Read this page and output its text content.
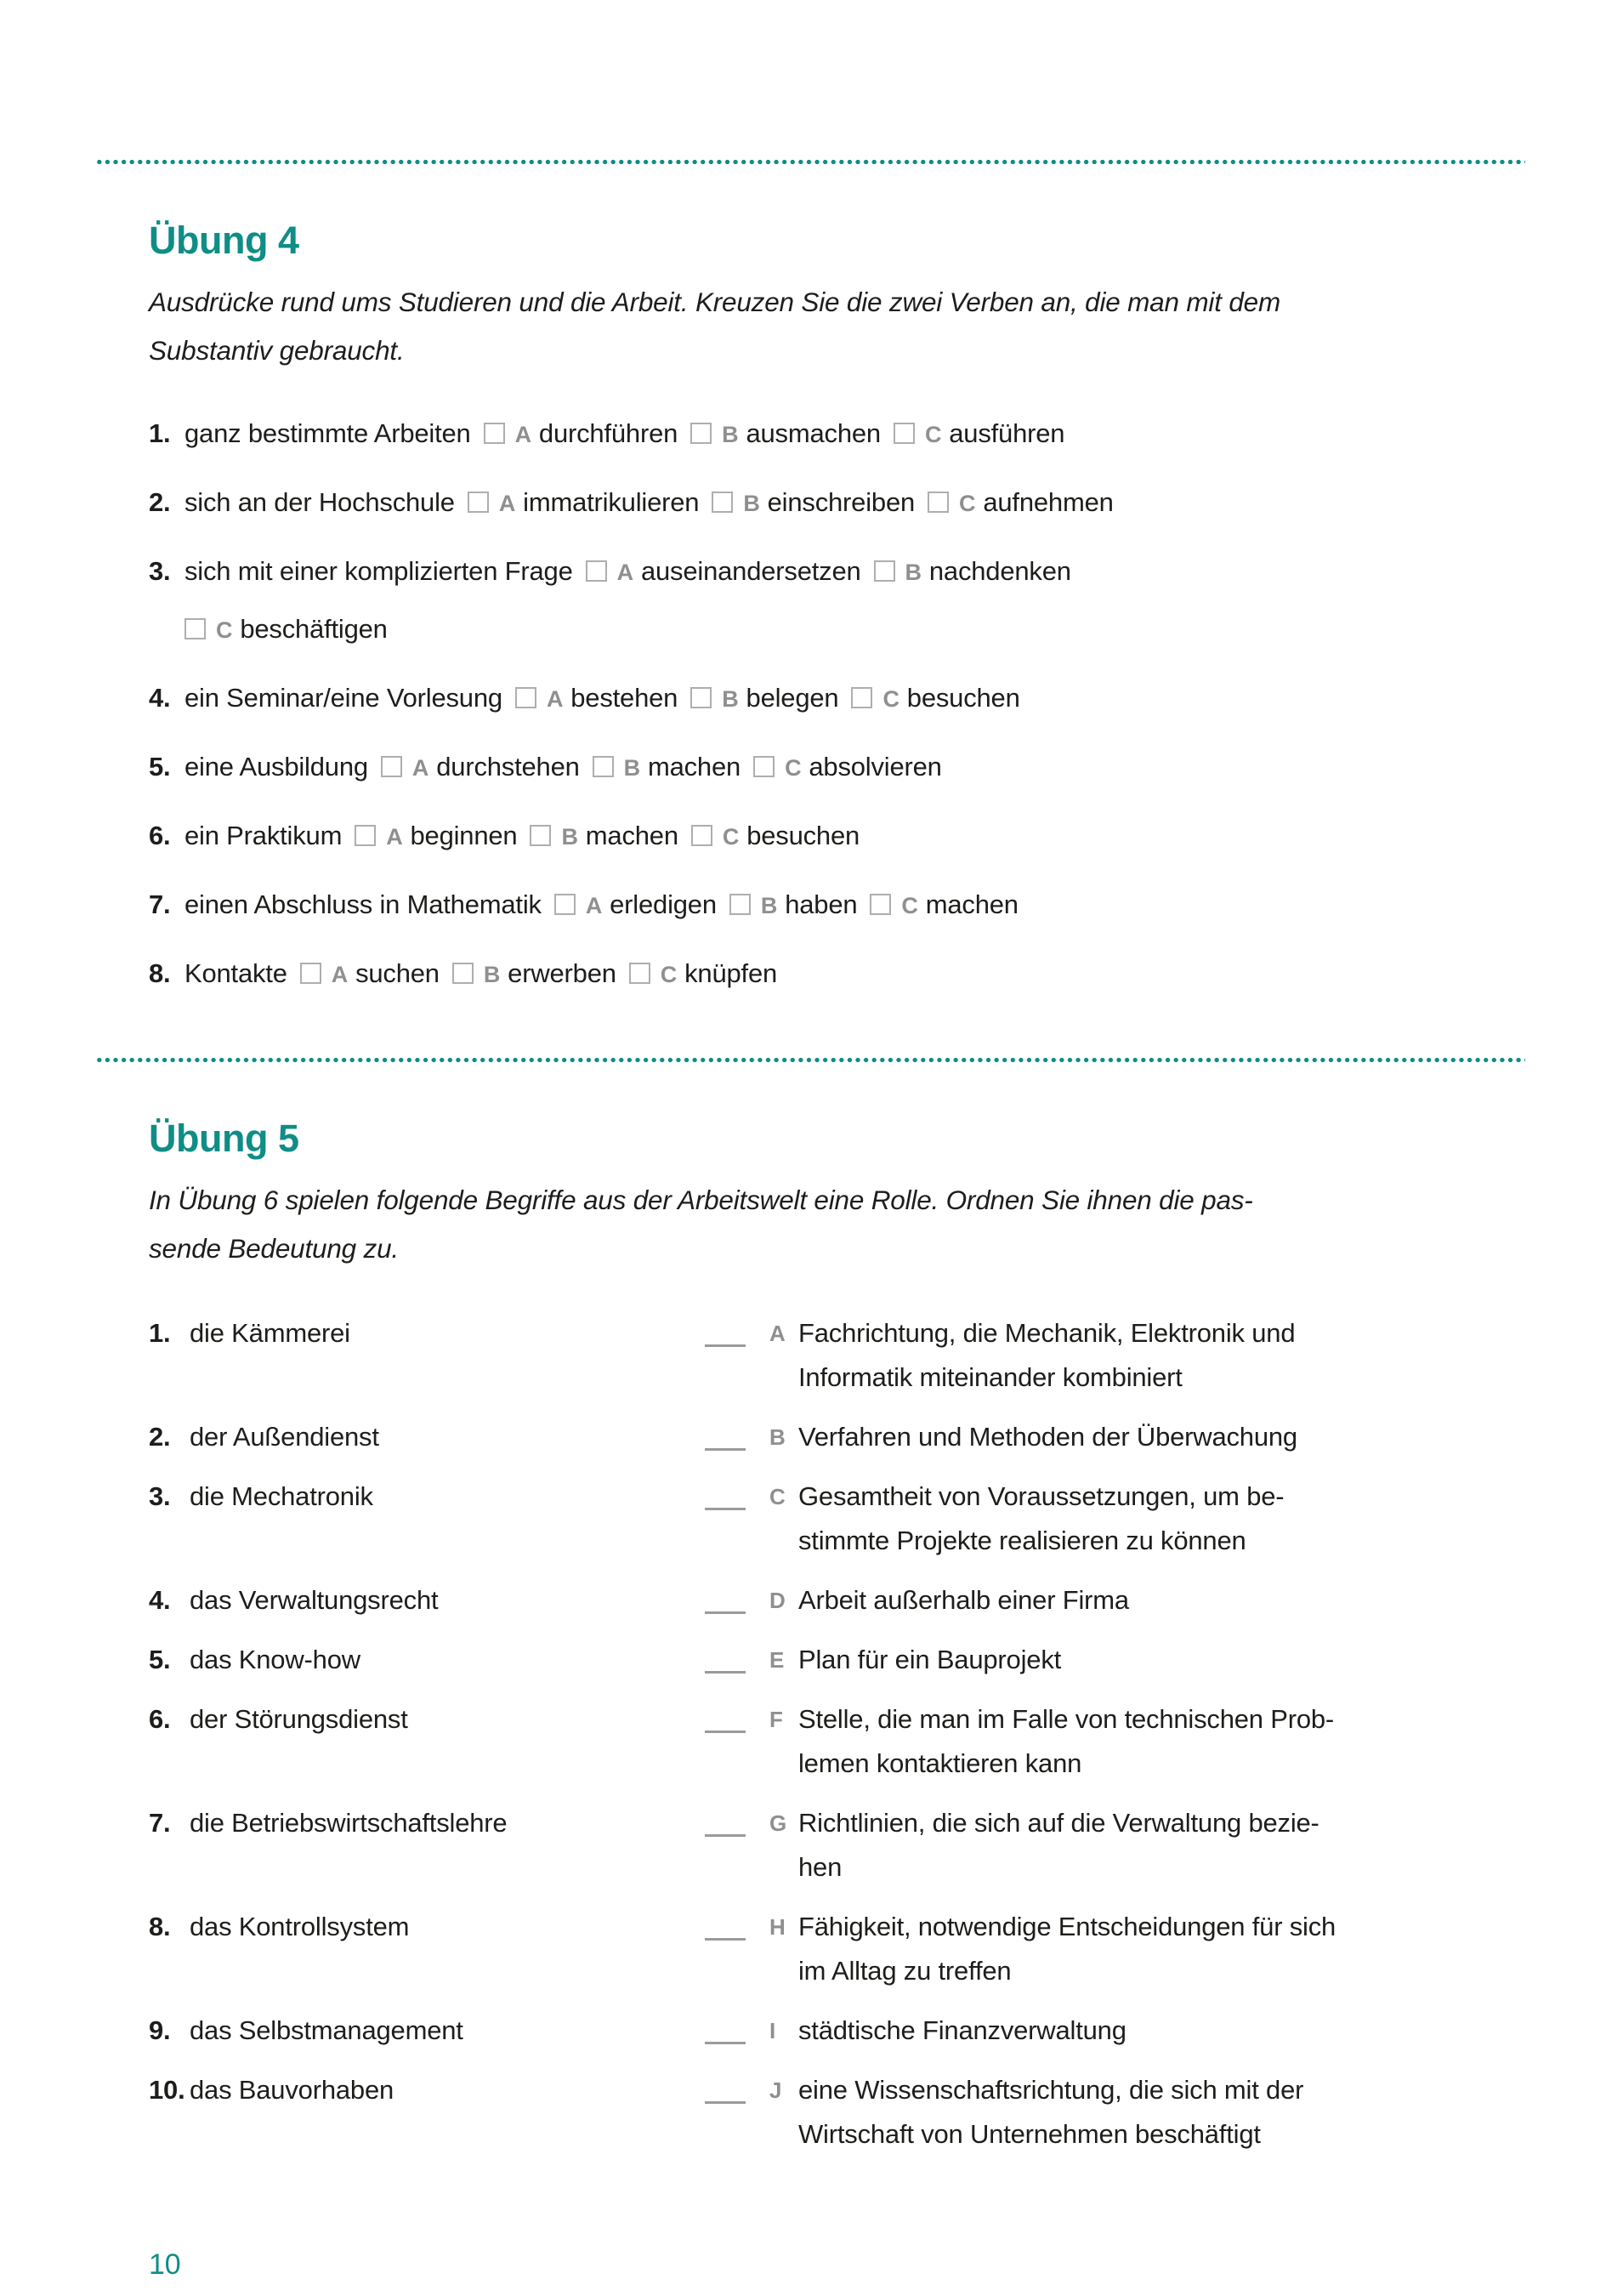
Übung 4
Ausdrücke rund ums Studieren und die Arbeit. Kreuzen Sie die zwei Verben an, die man mit dem
Substantiv gebraucht.
1. ganz bestimmte Arbeiten A durchführen B ausmachen C ausführen
2. sich an der Hochschule A immatrikulieren B einschreiben C aufnehmen
3. sich mit einer komplizierten Frage A auseinandersetzen B nachdenken
C beschäftigen
4. ein Seminar/eine Vorlesung A bestehen B belegen C besuchen
5. eine Ausbildung A durchstehen B machen C absolvieren
6. ein Praktikum A beginnen B machen C besuchen
7. einen Abschluss in Mathematik A erledigen B haben C machen
8. Kontakte A suchen B erwerben C knüpfen
Übung 5
In Übung 6 spielen folgende Begriffe aus der Arbeitswelt eine Rolle. Ordnen Sie ihnen die pas-
sende Bedeutung zu.
1. die Kämmerei	A Fachrichtung, die Mechanik, Elektronik und
Informatik miteinander kombiniert
2. der Außendienst	B Verfahren und Methoden der Überwachung
3. die Mechatronik	C Gesamtheit von Voraussetzungen, um be-
stimmte Projekte realisieren zu können
4. das Verwaltungsrecht	D Arbeit außerhalb einer Firma
5. das Know-how	E Plan für ein Bauprojekt
6. der Störungsdienst	F Stelle, die man im Falle von technischen Prob-
lemen kontaktieren kann
7. die Betriebswirtschaftslehre	G Richtlinien, die sich auf die Verwaltung bezie-
hen
8. das Kontrollsystem	H Fähigkeit, notwendige Entscheidungen für sich
im Alltag zu treffen
9. das Selbstmanagement	I städtische Finanzverwaltung
10. das Bauvorhaben	J eine Wissenschaftsrichtung, die sich mit der
Wirtschaft von Unternehmen beschäftigt
10
